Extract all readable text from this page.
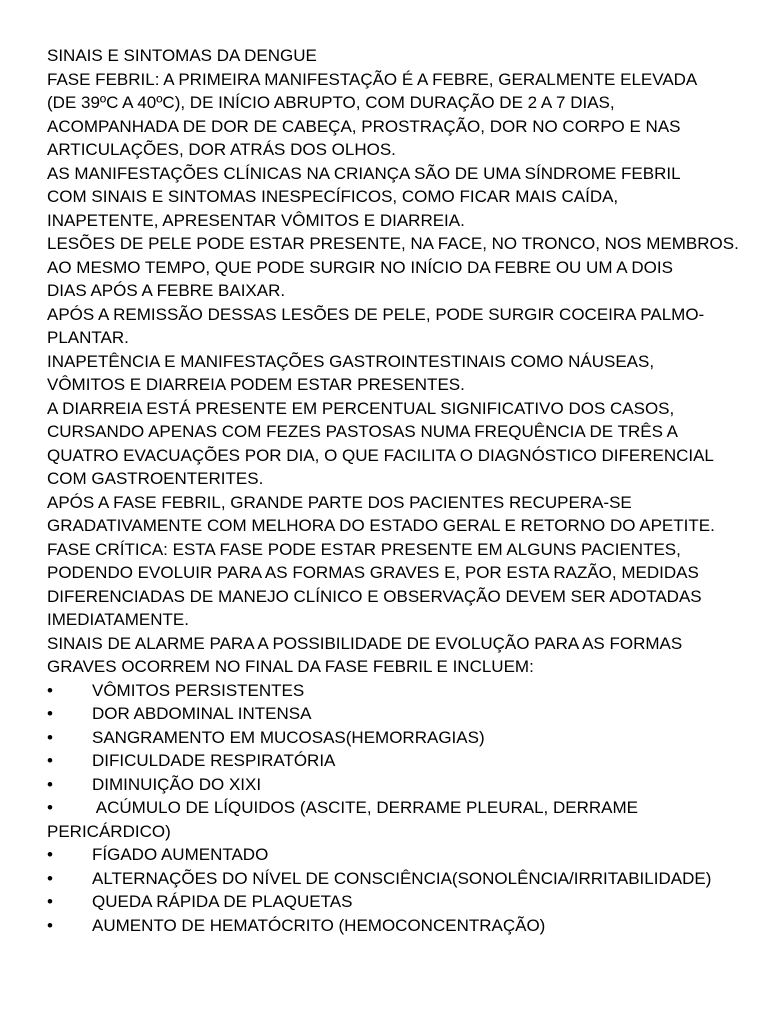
SINAIS E SINTOMAS DA DENGUE
FASE FEBRIL: A PRIMEIRA MANIFESTAÇÃO É A FEBRE, GERALMENTE ELEVADA
(DE 39ºC A 40ºC), DE INÍCIO ABRUPTO, COM DURAÇÃO DE 2 A 7 DIAS,
ACOMPANHADA DE DOR DE CABEÇA, PROSTRAÇÃO, DOR NO CORPO E NAS
ARTICULAÇÕES, DOR ATRÁS DOS OLHOS.
AS MANIFESTAÇÕES CLÍNICAS NA CRIANÇA SÃO DE UMA SÍNDROME FEBRIL
COM SINAIS E SINTOMAS INESPECÍFICOS, COMO FICAR MAIS CAÍDA,
INAPETENTE, APRESENTAR VÔMITOS E DIARREIA.
LESÕES DE PELE PODE ESTAR PRESENTE, NA FACE, NO TRONCO, NOS MEMBROS.
AO MESMO TEMPO, QUE PODE SURGIR NO INÍCIO DA FEBRE OU UM A DOIS
DIAS APÓS A FEBRE BAIXAR.
APÓS A REMISSÃO DESSAS LESÕES DE PELE, PODE SURGIR COCEIRA PALMO-
PLANTAR.
INAPETÊNCIA E MANIFESTAÇÕES GASTROINTESTINAIS COMO NÁUSEAS,
VÔMITOS E DIARREIA PODEM ESTAR PRESENTES.
A DIARREIA ESTÁ PRESENTE EM PERCENTUAL SIGNIFICATIVO DOS CASOS,
CURSANDO APENAS COM FEZES PASTOSAS NUMA FREQUÊNCIA DE TRÊS A
QUATRO EVACUAÇÕES POR DIA, O QUE FACILITA O DIAGNÓSTICO DIFERENCIAL
COM GASTROENTERITES.
APÓS A FASE FEBRIL, GRANDE PARTE DOS PACIENTES RECUPERA-SE
GRADATIVAMENTE COM MELHORA DO ESTADO GERAL E RETORNO DO APETITE.
FASE CRÍTICA: ESTA FASE PODE ESTAR PRESENTE EM ALGUNS PACIENTES,
PODENDO EVOLUIR PARA AS FORMAS GRAVES E, POR ESTA RAZÃO, MEDIDAS
DIFERENCIADAS DE MANEJO CLÍNICO E OBSERVAÇÃO DEVEM SER ADOTADAS
IMEDIATAMENTE.
SINAIS DE ALARME PARA A POSSIBILIDADE DE EVOLUÇÃO PARA AS FORMAS
GRAVES OCORREM NO FINAL DA FASE FEBRIL E INCLUEM:
•	VÔMITOS PERSISTENTES
•	DOR ABDOMINAL INTENSA
•	SANGRAMENTO EM MUCOSAS(HEMORRAGIAS)
•	DIFICULDADE RESPIRATÓRIA
•	DIMINUIÇÃO DO XIXI
•	ACÚMULO DE LÍQUIDOS (ASCITE, DERRAME PLEURAL, DERRAME
PERICÁRDICO)
•	FÍGADO AUMENTADO
•	ALTERNAÇÕES DO NÍVEL DE CONSCIÊNCIA(SONOLÊNCIA/IRRITABILIDADE)
•	QUEDA RÁPIDA DE PLAQUETAS
•	AUMENTO DE HEMATÓCRITO (HEMOCONCENTRAÇÃO)
